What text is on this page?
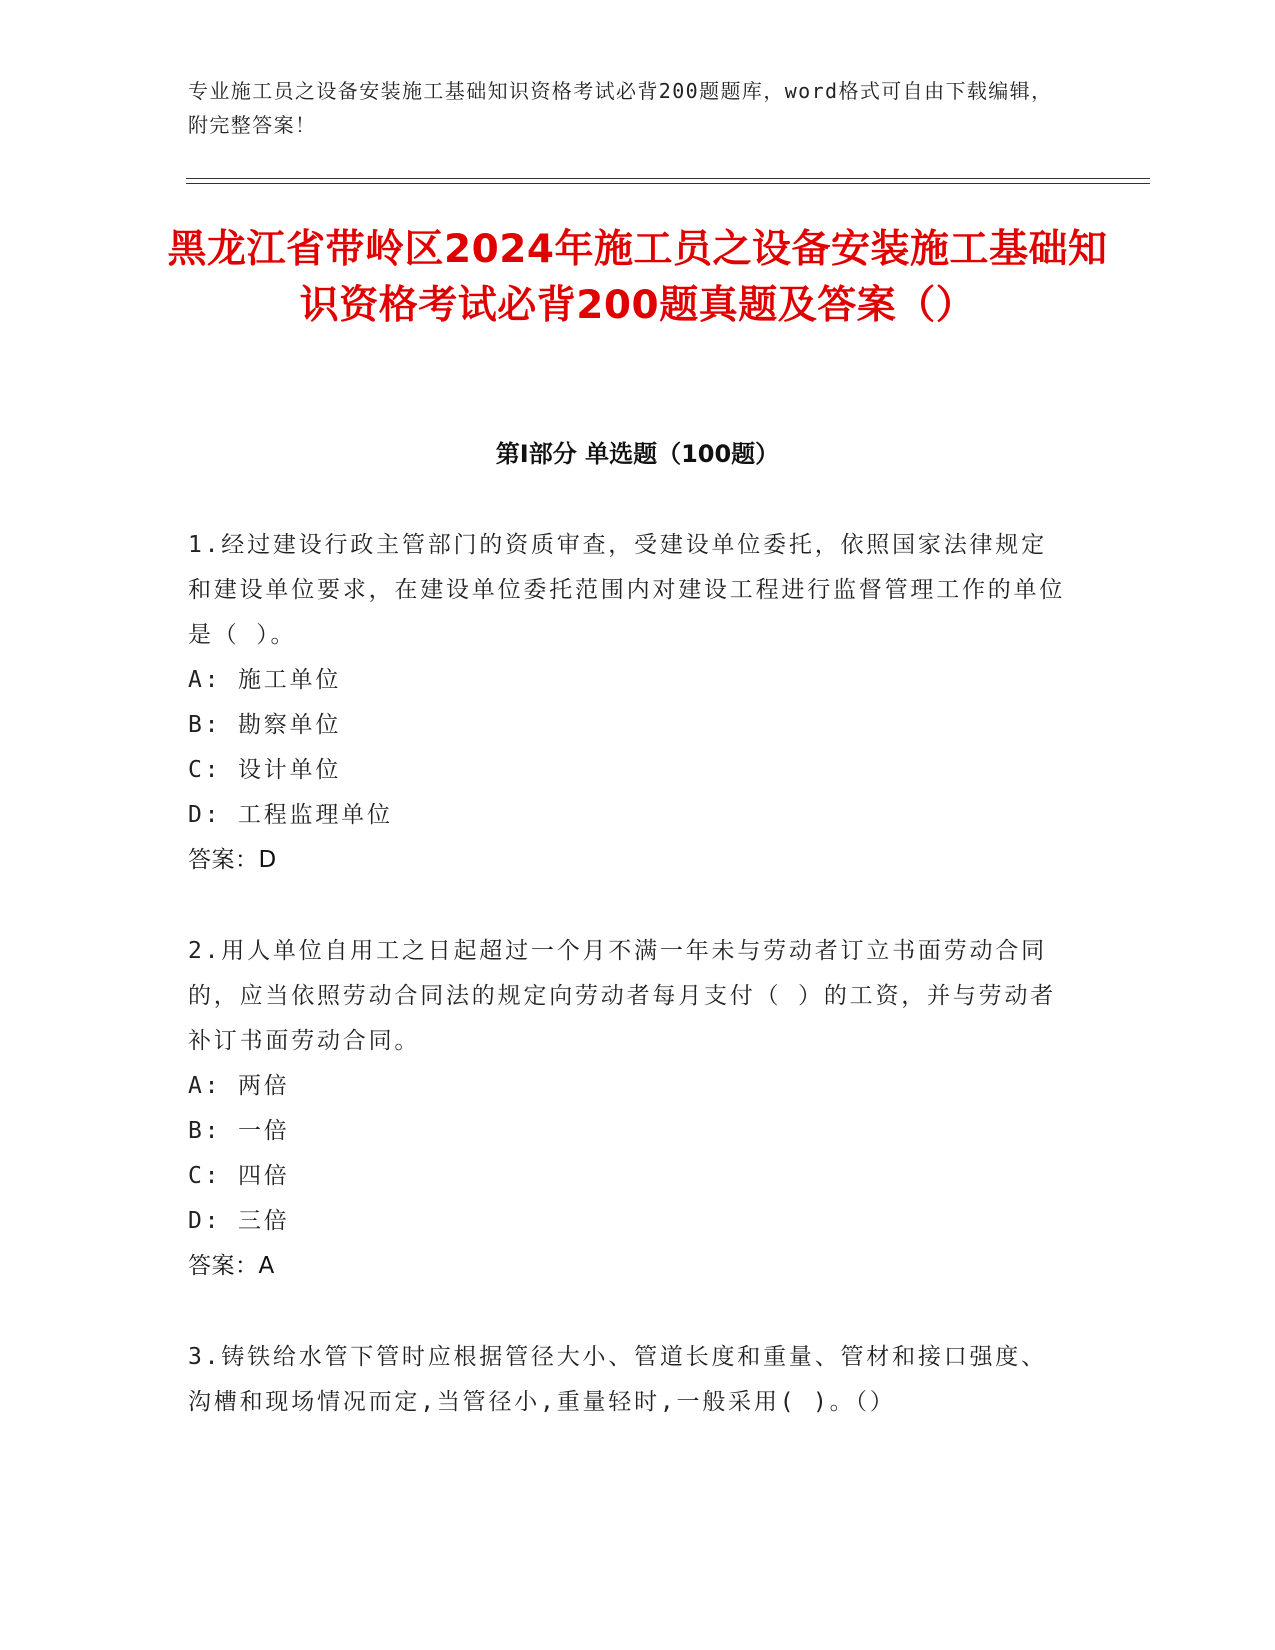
专业施工员之设备安装施工基础知识资格考试必背200题题库，word格式可自由下载编辑，附完整答案！
黑龙江省带岭区2024年施工员之设备安装施工基础知识资格考试必背200题真题及答案（）
第Ⅰ部分 单选题（100题）
1.经过建设行政主管部门的资质审查，受建设单位委托，依照国家法律规定和建设单位要求，在建设单位委托范围内对建设工程进行监督管理工作的单位是（ ）。
A: 施工单位
B: 勘察单位
C: 设计单位
D: 工程监理单位
答案：D
2.用人单位自用工之日起超过一个月不满一年未与劳动者订立书面劳动合同的，应当依照劳动合同法的规定向劳动者每月支付（ ）的工资，并与劳动者补订书面劳动合同。
A: 两倍
B: 一倍
C: 四倍
D: 三倍
答案：A
3.铸铁给水管下管时应根据管径大小、管道长度和重量、管材和接口强度、沟槽和现场情况而定,当管径小,重量轻时,一般采用( )。（）
